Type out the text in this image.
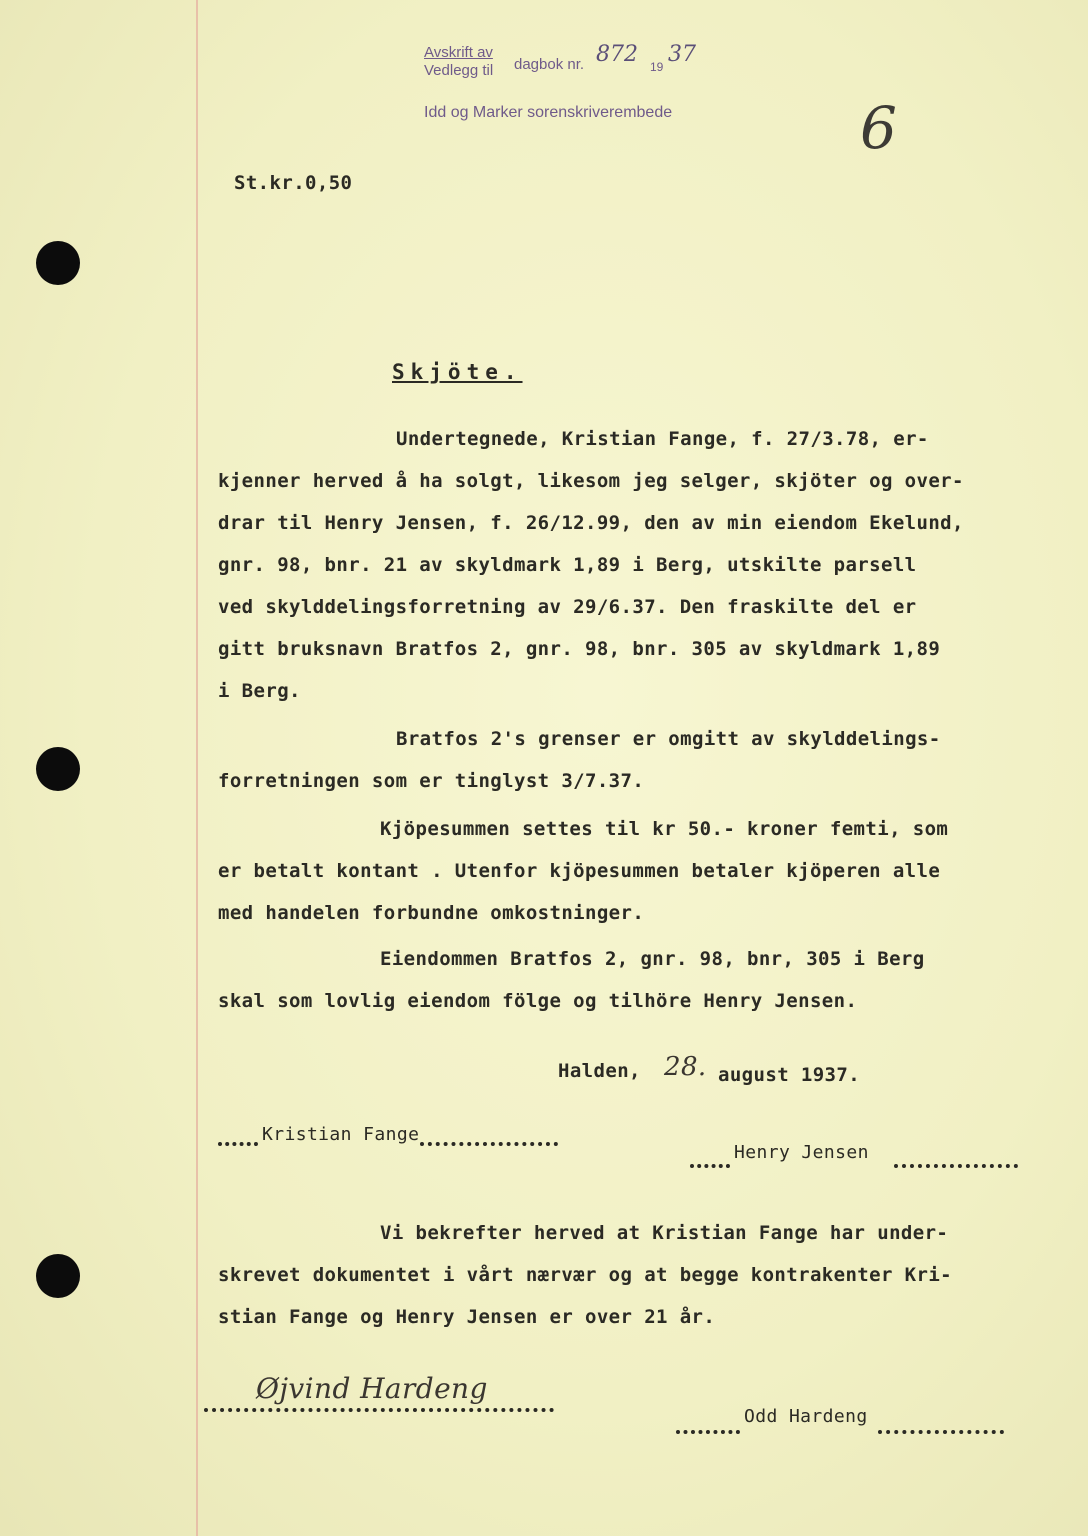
Avskrift av
Vedlegg til dagbok nr. 872 19 37
Idd og Marker sorenskriverembede	6
St.kr.0,50
Skjöte.
Undertegnede, Kristian Fange, f. 27/3.78, er-
kjenner herved å ha solgt, likesom jeg selger, skjöter og over-
drar til Henry Jensen, f. 26/12.99, den av min eiendom Ekelund,
gnr. 98, bnr. 21 av skyldmark 1,89 i Berg, utskilte parsell
ved skylddelingsforretning av 29/6.37. Den fraskilte del er
gitt bruksnavn Bratfos 2, gnr. 98, bnr. 305 av skyldmark 1,89
i Berg.
Bratfos 2's grenser er omgitt av skylddelings-
forretningen som er tinglyst 3/7.37.
Kjöpesummen settes til kr 50.- kroner femti, som
er betalt kontant . Utenfor kjöpesummen betaler kjöperen alle
med handelen forbundne omkostninger.
Eiendommen Bratfos 2, gnr. 98, bnr, 305 i Berg
skal som lovlig eiendom fölge og tilhöre Henry Jensen.
Halden, 28. august 1937.
Kristian Fange
Henry Jensen
Vi bekrefter herved at Kristian Fange har under-
skrevet dokumentet i vårt nærvær og at begge kontrakenter Kri-
stian Fange og Henry Jensen er over 21 år.
Øjvind Hardeng
Odd Hardeng
